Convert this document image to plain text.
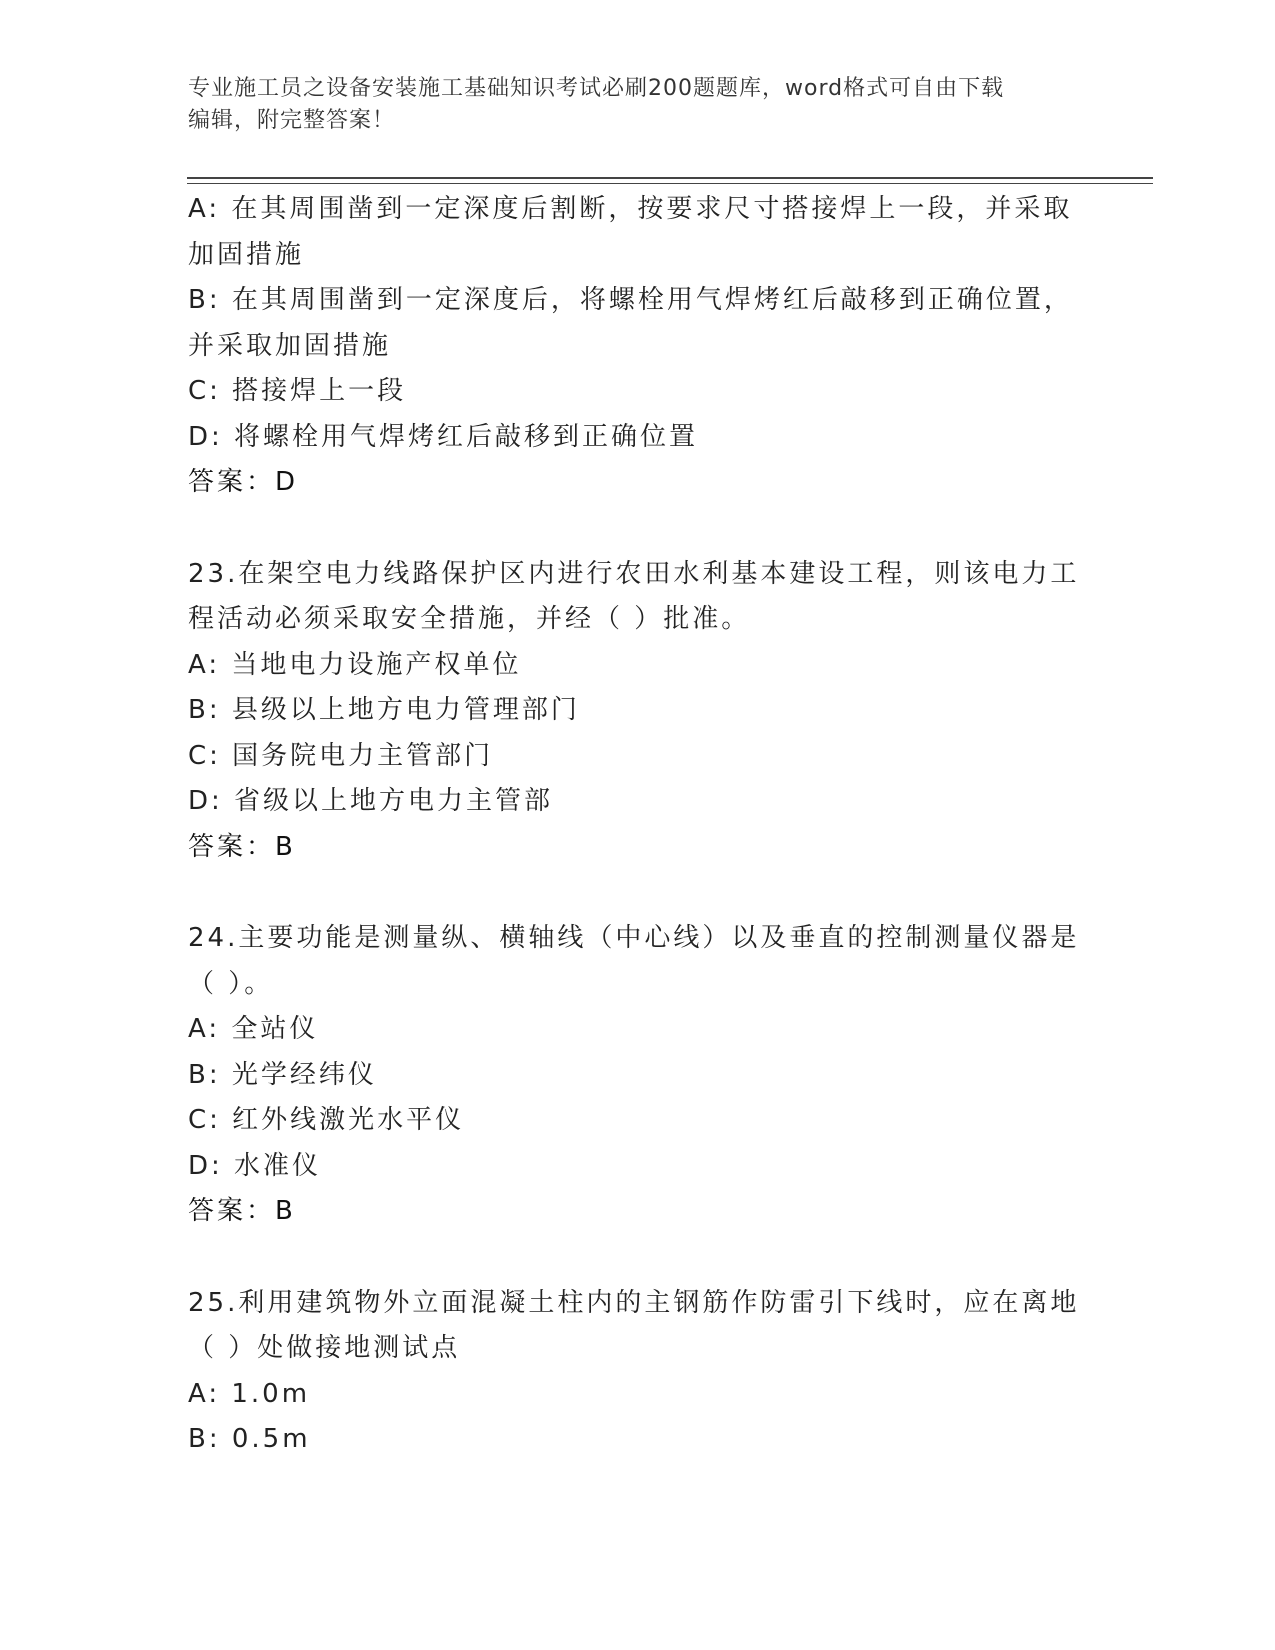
专业施工员之设备安装施工基础知识考试必刷200题题库，word格式可自由下载
编辑，附完整答案！
A: 在其周围凿到一定深度后割断，按要求尺寸搭接焊上一段，并采取
加固措施
B: 在其周围凿到一定深度后，将螺栓用气焊烤红后敲移到正确位置，
并采取加固措施
C: 搭接焊上一段
D: 将螺栓用气焊烤红后敲移到正确位置
答案：D
23.在架空电力线路保护区内进行农田水利基本建设工程，则该电力工
程活动必须采取安全措施，并经（ ）批准。
A: 当地电力设施产权单位
B: 县级以上地方电力管理部门
C: 国务院电力主管部门
D: 省级以上地方电力主管部
答案：B
24.主要功能是测量纵、横轴线（中心线）以及垂直的控制测量仪器是
（ ）。
A: 全站仪
B: 光学经纬仪
C: 红外线激光水平仪
D: 水准仪
答案：B
25.利用建筑物外立面混凝土柱内的主钢筋作防雷引下线时，应在离地
（ ）处做接地测试点
A: 1.0m
B: 0.5m
